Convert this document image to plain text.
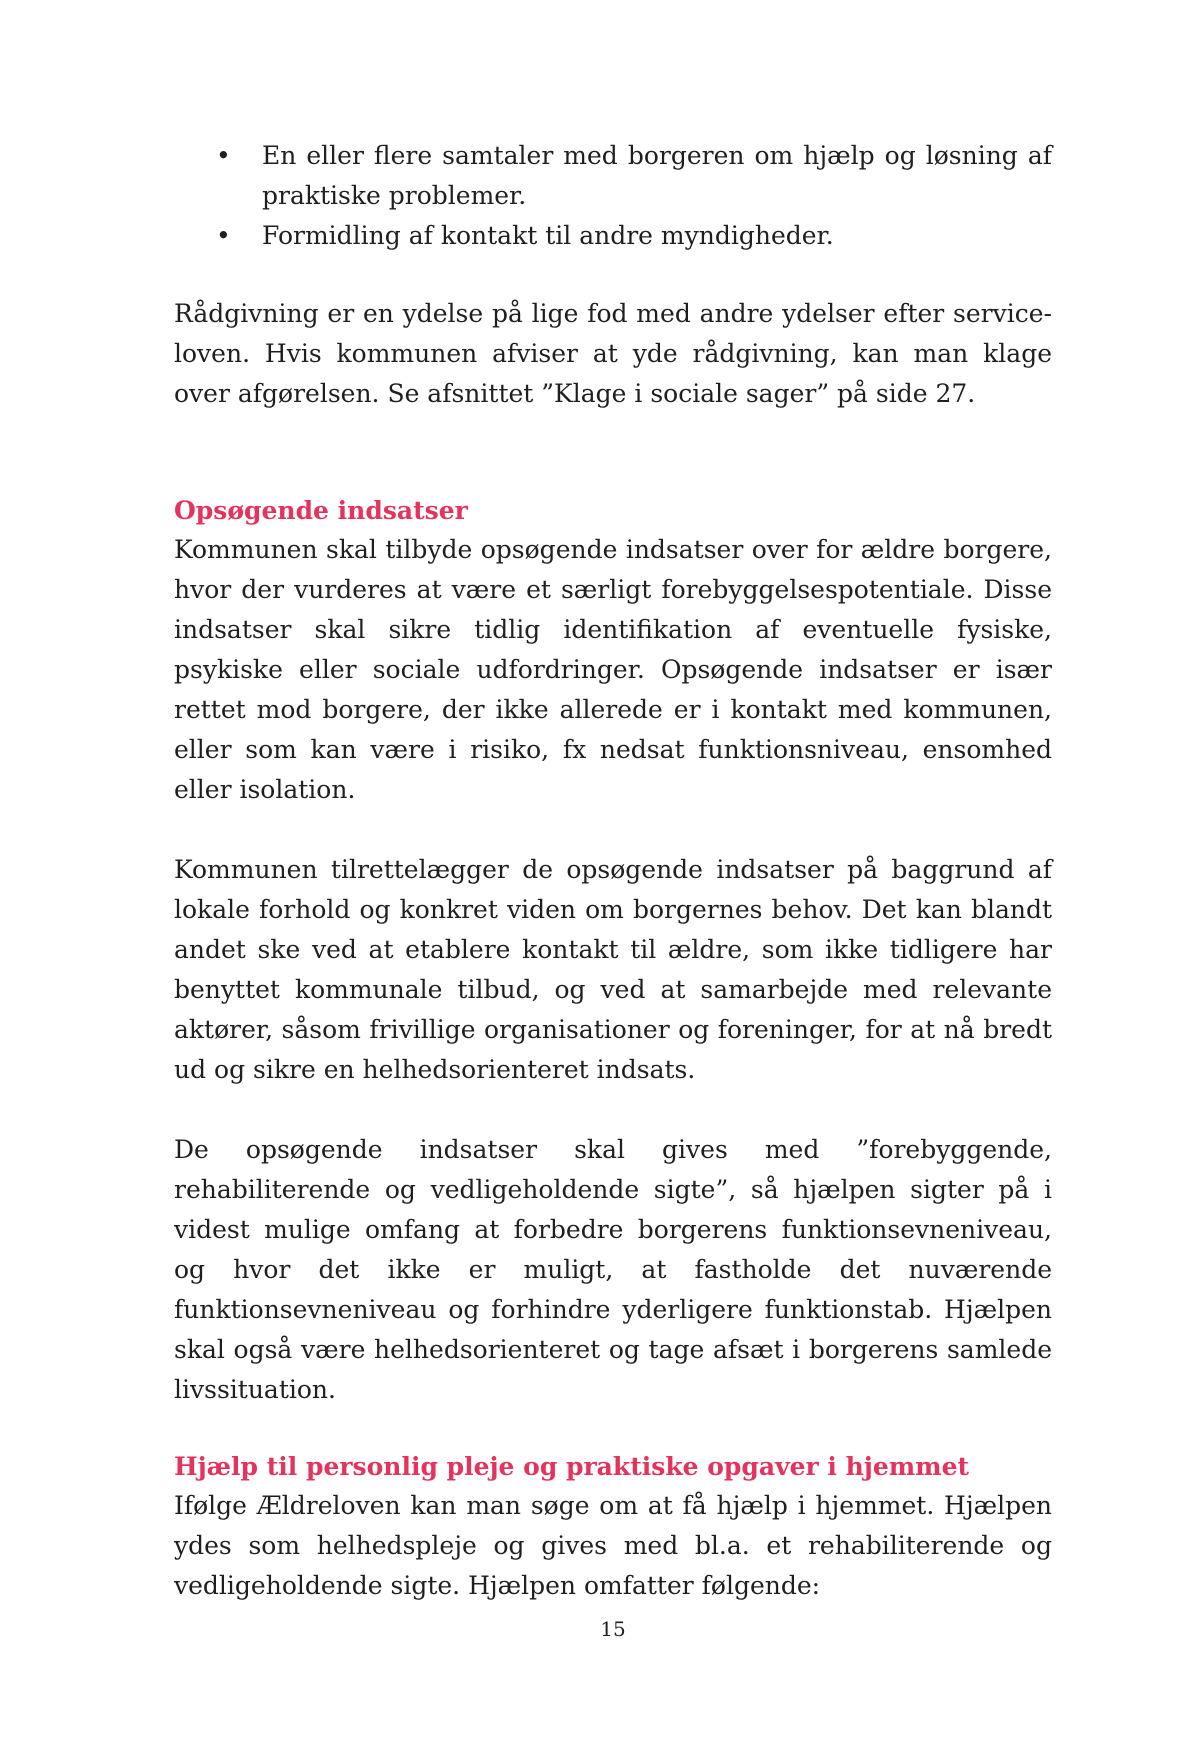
• En eller flere samtaler med borgeren om hjælp og løsning af praktiske problemer.
• Formidling af kontakt til andre myndigheder.

Rådgivning er en ydelse på lige fod med andre ydelser efter serviceloven. Hvis kommunen afviser at yde rådgivning, kan man klage over afgørelsen. Se afsnittet ”Klage i sociale sager” på side 27.

Opsøgende indsatser

Kommunen skal tilbyde opsøgende indsatser over for ældre borgere, hvor der vurderes at være et særligt forebyggelsespotentiale. Disse indsatser skal sikre tidlig identifikation af eventuelle fysiske, psykiske eller sociale udfordringer. Opsøgende indsatser er især rettet mod borgere, der ikke allerede er i kontakt med kommunen, eller som kan være i risiko, fx nedsat funktionsniveau, ensomhed eller isolation.

Kommunen tilrettelægger de opsøgende indsatser på baggrund af lokale forhold og konkret viden om borgernes behov. Det kan blandt andet ske ved at etablere kontakt til ældre, som ikke tidligere har benyttet kommunale tilbud, og ved at samarbejde med relevante aktører, såsom frivillige organisationer og foreninger, for at nå bredt ud og sikre en helhedsorienteret indsats.

De opsøgende indsatser skal gives med ”forebyggende, rehabiliterende og vedligeholdende sigte”, så hjælpen sigter på i videst mulige omfang at forbedre borgerens funktionsevneniveau, og hvor det ikke er muligt, at fastholde det nuværende funktionsevneniveau og forhindre yderligere funktionstab. Hjælpen skal også være helhedsorienteret og tage afsæt i borgerens samlede livssituation.

Hjælp til personlig pleje og praktiske opgaver i hjemmet

Ifølge Ældreloven kan man søge om at få hjælp i hjemmet. Hjælpen ydes som helhedspleje og gives med bl.a. et rehabiliterende og vedligeholdende sigte. Hjælpen omfatter følgende:

15
